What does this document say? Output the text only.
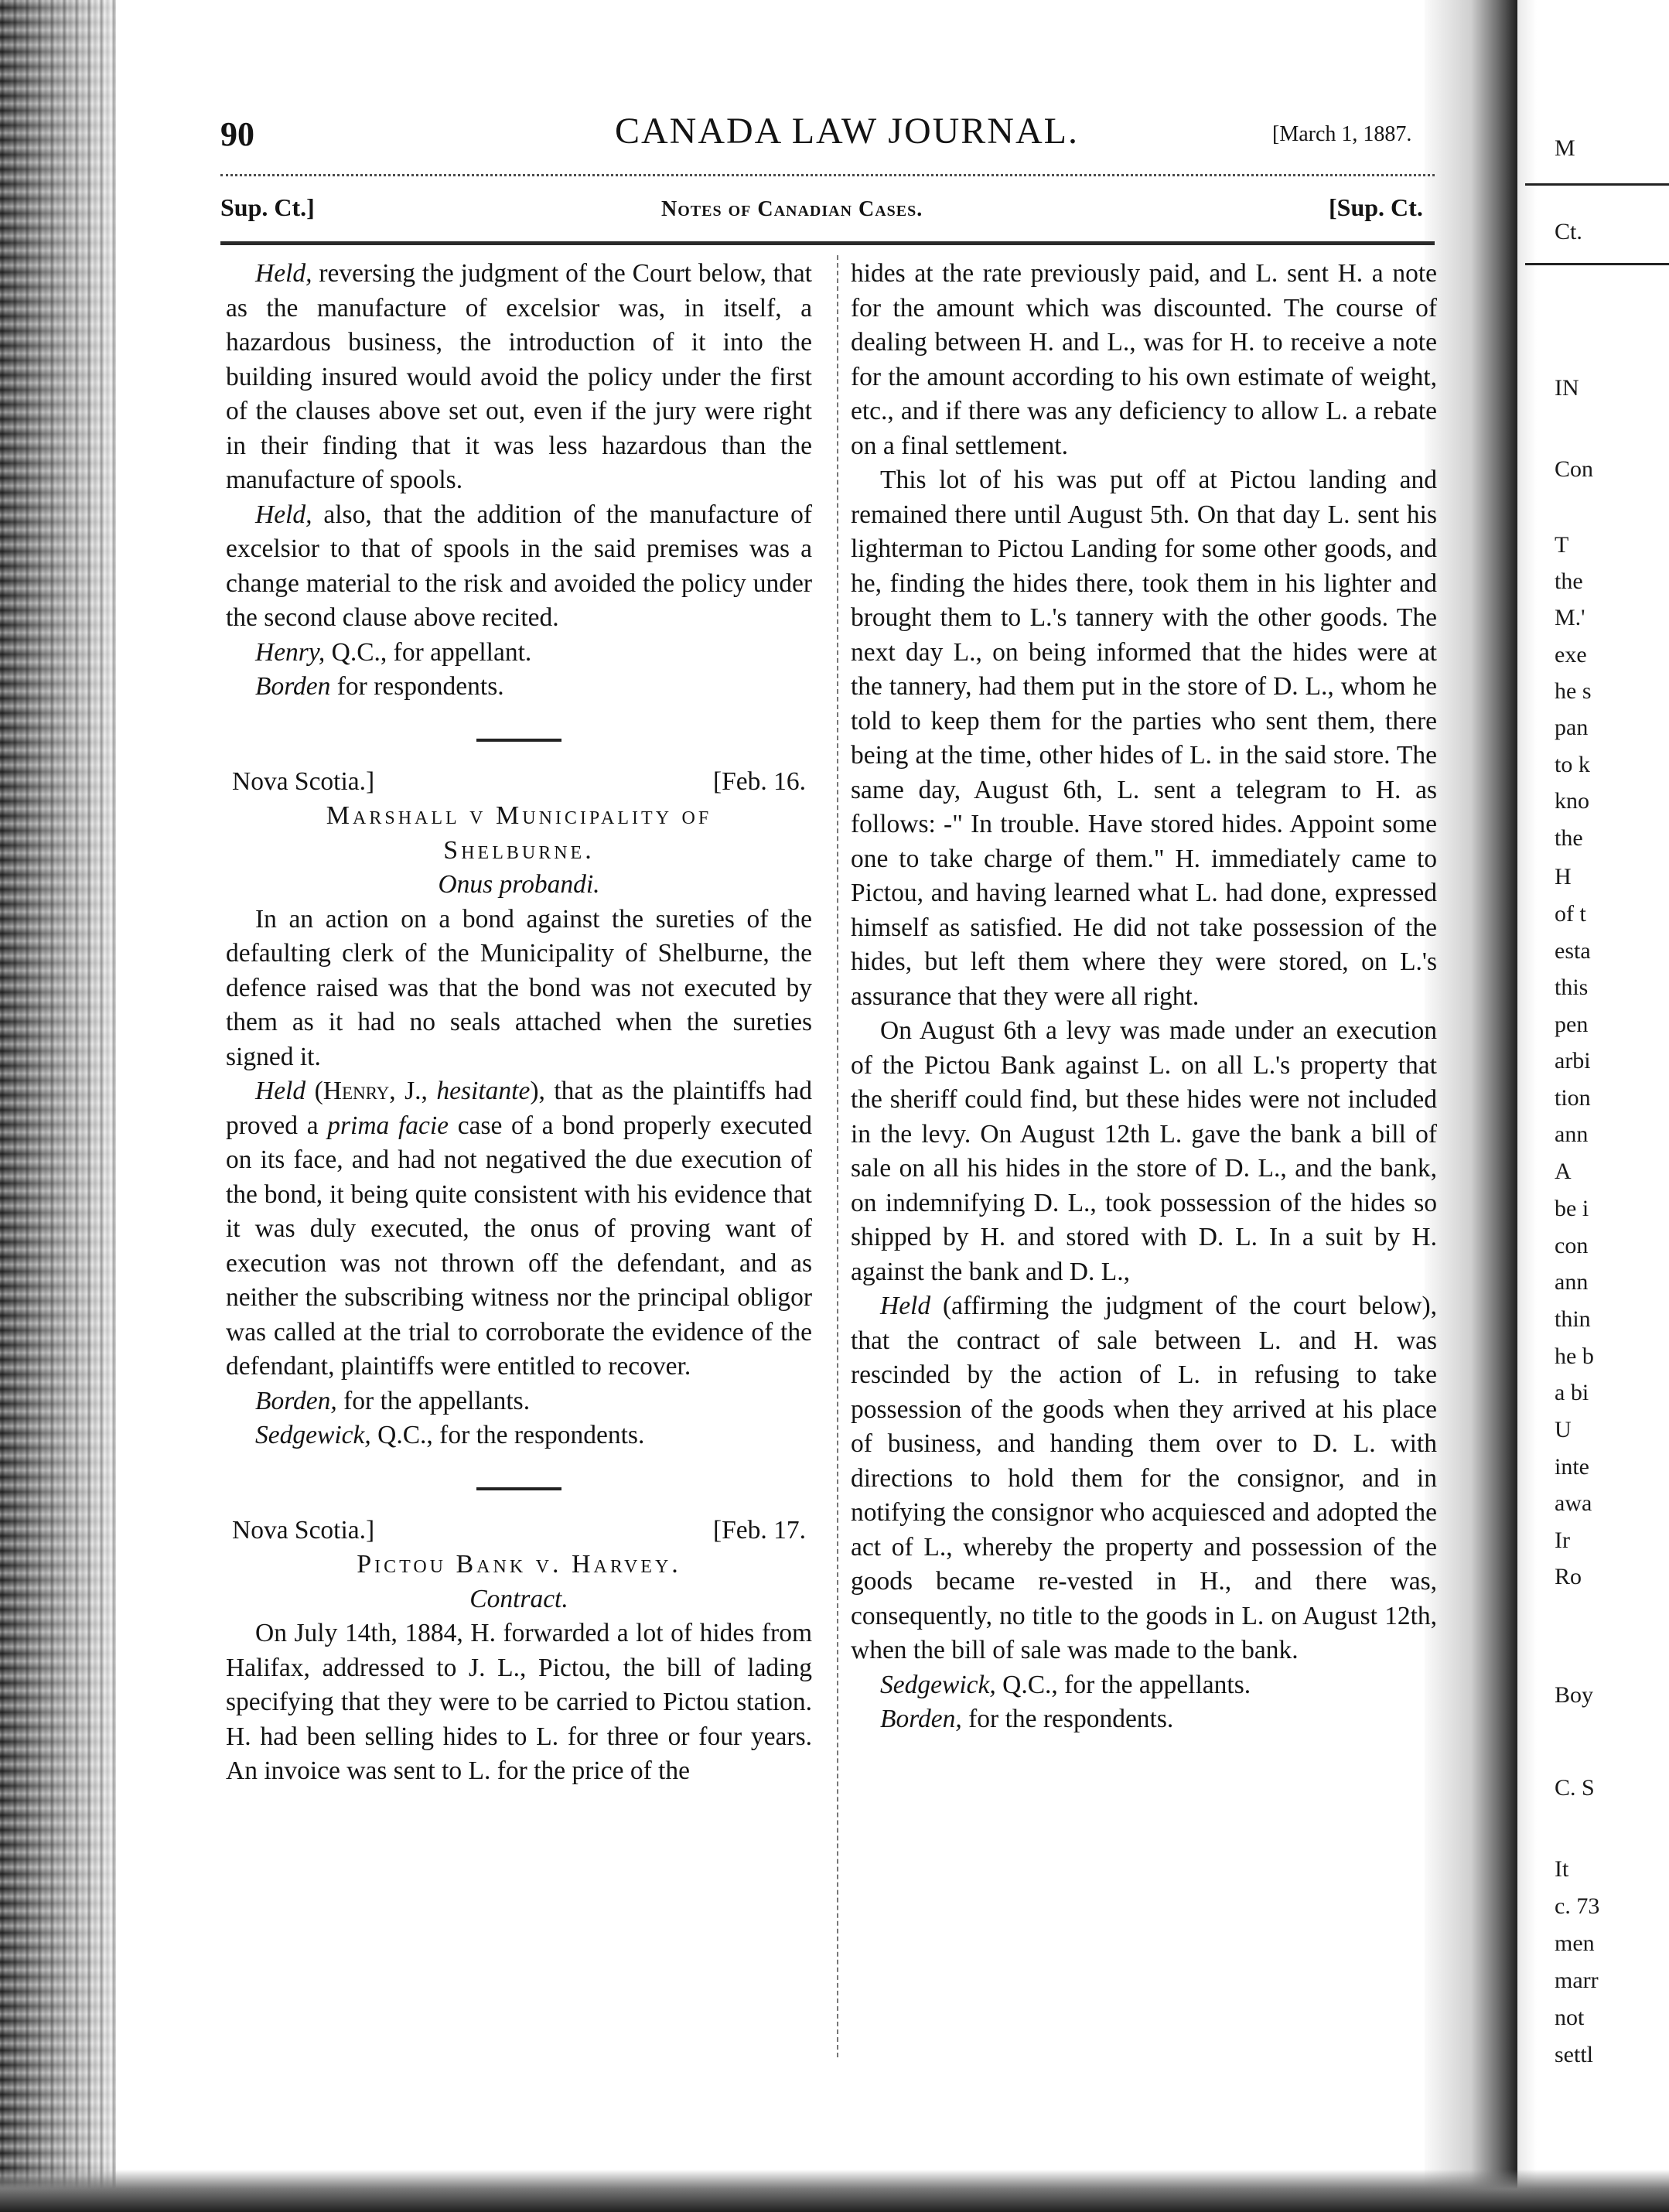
M
Ct.
IN
Con
T
the
M.'
exe
he s
pan
to k
kno
the
H
of t
esta
this
pen
arbi
tion
ann
A
be i
con
ann
thin
he b
a bi
U
inte
awa
Ir
Ro
Boy
C. S
It
c. 73
men
marr
not
settl
90	CANADA LAW JOURNAL.	[March 1, 1887.
Sup. Ct.]	Notes of Canadian Cases.	[Sup. Ct.

Held, reversing the judgment of the Court below, that as the manufacture of excelsior was, in itself, a hazardous business, the introduction of it into the building insured would avoid the policy under the first of the clauses above set out, even if the jury were right in their finding that it was less hazardous than the manufacture of spools.

Held, also, that the addition of the manufacture of excelsior to that of spools in the said premises was a change material to the risk and avoided the policy under the second clause above recited.

Henry, Q.C., for appellant.

Borden for respondents.

Nova Scotia.]	[Feb. 16.
Marshall v Municipality of
Shelburne.
Onus probandi.

In an action on a bond against the sureties of the defaulting clerk of the Municipality of Shelburne, the defence raised was that the bond was not executed by them as it had no seals attached when the sureties signed it.

Held (Henry, J., hesitante), that as the plaintiffs had proved a prima facie case of a bond properly executed on its face, and had not negatived the due execution of the bond, it being quite consistent with his evidence that it was duly executed, the onus of proving want of execution was not thrown off the defendant, and as neither the subscribing witness nor the principal obligor was called at the trial to corroborate the evidence of the defendant, plaintiffs were entitled to recover.

Borden, for the appellants.

Sedgewick, Q.C., for the respondents.

Nova Scotia.]	[Feb. 17.
Pictou Bank v. Harvey.
Contract.

On July 14th, 1884, H. forwarded a lot of hides from Halifax, addressed to J. L., Pictou, the bill of lading specifying that they were to be carried to Pictou station. H. had been selling hides to L. for three or four years. An invoice was sent to L. for the price of the

hides at the rate previously paid, and L. sent H. a note for the amount which was discounted. The course of dealing between H. and L., was for H. to receive a note for the amount according to his own estimate of weight, etc., and if there was any deficiency to allow L. a rebate on a final settlement.

This lot of his was put off at Pictou landing and remained there until August 5th. On that day L. sent his lighterman to Pictou Landing for some other goods, and he, finding the hides there, took them in his lighter and brought them to L.'s tannery with the other goods. The next day L., on being informed that the hides were at the tannery, had them put in the store of D. L., whom he told to keep them for the parties who sent them, there being at the time, other hides of L. in the said store. The same day, August 6th, L. sent a telegram to H. as follows: -" In trouble. Have stored hides. Appoint some one to take charge of them." H. immediately came to Pictou, and having learned what L. had done, expressed himself as satisfied. He did not take possession of the hides, but left them where they were stored, on L.'s assurance that they were all right.

On August 6th a levy was made under an execution of the Pictou Bank against L. on all L.'s property that the sheriff could find, but these hides were not included in the levy. On August 12th L. gave the bank a bill of sale on all his hides in the store of D. L., and the bank, on indemnifying D. L., took possession of the hides so shipped by H. and stored with D. L. In a suit by H. against the bank and D. L.,

Held (affirming the judgment of the court below), that the contract of sale between L. and H. was rescinded by the action of L. in refusing to take possession of the goods when they arrived at his place of business, and handing them over to D. L. with directions to hold them for the consignor, and in notifying the consignor who acquiesced and adopted the act of L., whereby the property and possession of the goods became re-vested in H., and there was, consequently, no title to the goods in L. on August 12th, when the bill of sale was made to the bank.

Sedgewick, Q.C., for the appellants.

Borden, for the respondents.
